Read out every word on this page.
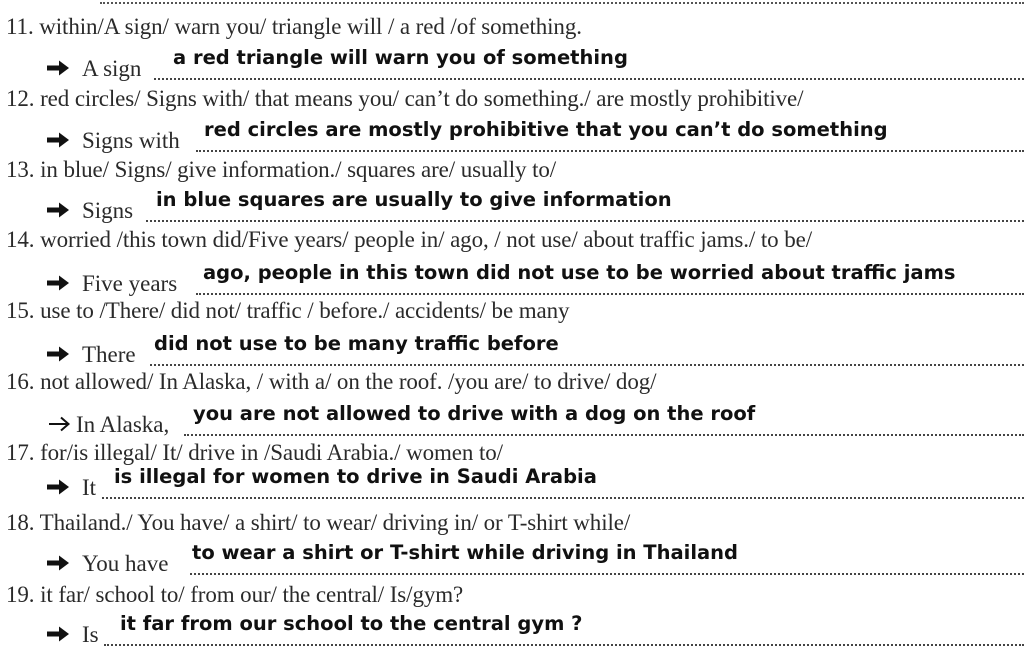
11. within/A sign/ warn you/ triangle will / a red /of something.
A sign a red triangle will warn you of something
12. red circles/ Signs with/ that means you/ can’t do something./ are mostly prohibitive/
Signs with red circles are mostly prohibitive that you can’t do something
13. in blue/ Signs/ give information./ squares are/ usually to/
Signs in blue squares are usually to give information
14. worried /this town did/Five years/ people in/ ago, / not use/ about traffic jams./ to be/
Five years ago, people in this town did not use to be worried about traffic jams
15. use to /There/ did not/ traffic / before./ accidents/ be many
There did not use to be many traffic before
16. not allowed/ In Alaska, / with a/ on the roof. /you are/ to drive/ dog/
In Alaska, you are not allowed to drive with a dog on the roof
17. for/is illegal/ It/ drive in /Saudi Arabia./ women to/
It is illegal for women to drive in Saudi Arabia
18. Thailand./ You have/ a shirt/ to wear/ driving in/ or T-shirt while/
You have to wear a shirt or T-shirt while driving in Thailand
19. it far/ school to/ from our/ the central/ Is/gym?
Is it far from our school to the central gym ?
